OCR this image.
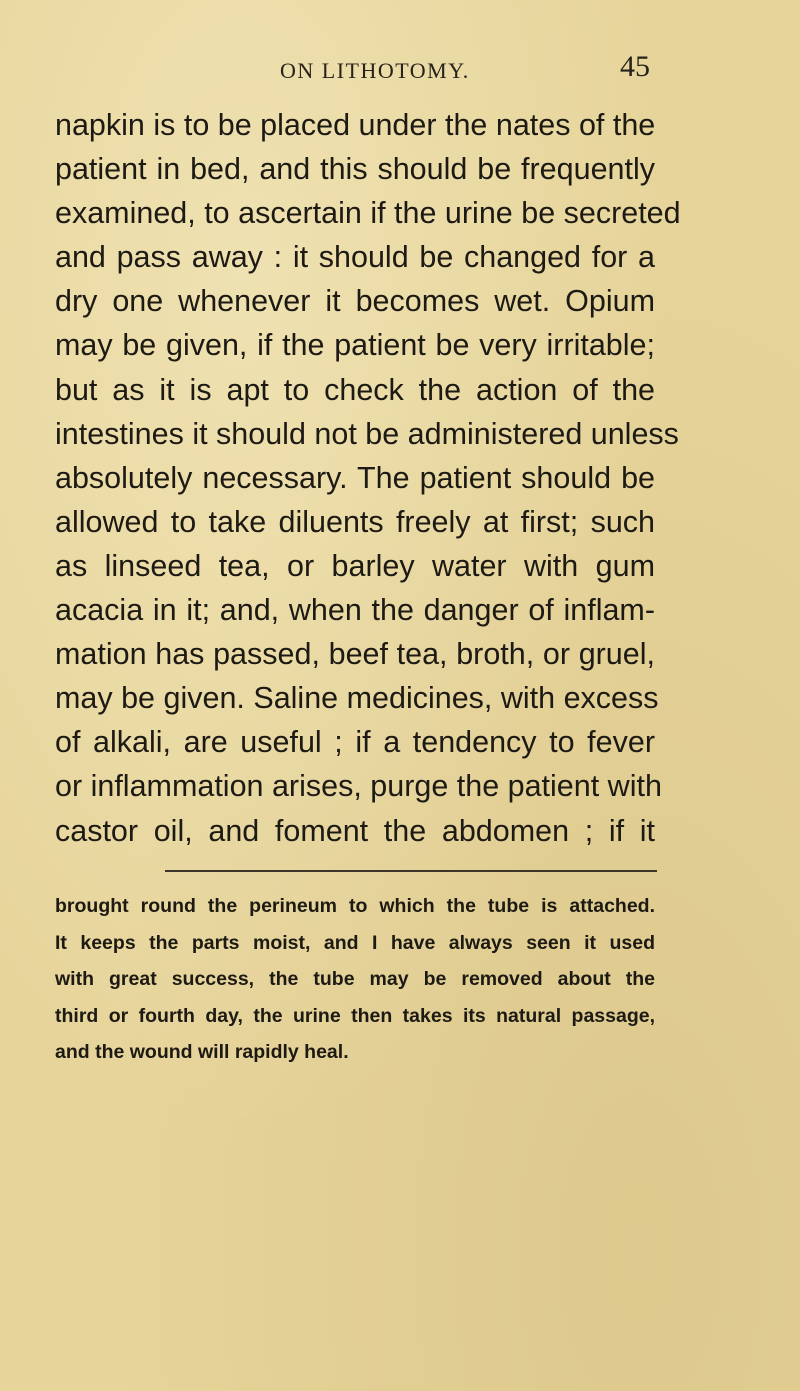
ON LITHOTOMY.	45
napkin is to be placed under the nates of the
patient in bed, and this should be frequently
examined, to ascertain if the urine be secreted
and pass away : it should be changed for a
dry one whenever it becomes wet. Opium
may be given, if the patient be very irritable;
but as it is apt to check the action of the
intestines it should not be administered unless
absolutely necessary. The patient should be
allowed to take diluents freely at first; such
as linseed tea, or barley water with gum
acacia in it; and, when the danger of inflam-
mation has passed, beef tea, broth, or gruel,
may be given. Saline medicines, with excess
of alkali, are useful ; if a tendency to fever
or inflammation arises, purge the patient with
castor oil, and foment the abdomen ; if it
brought round the perineum to which the tube is attached.
It keeps the parts moist, and I have always seen it used
with great success, the tube may be removed about the
third or fourth day, the urine then takes its natural passage,
and the wound will rapidly heal.
